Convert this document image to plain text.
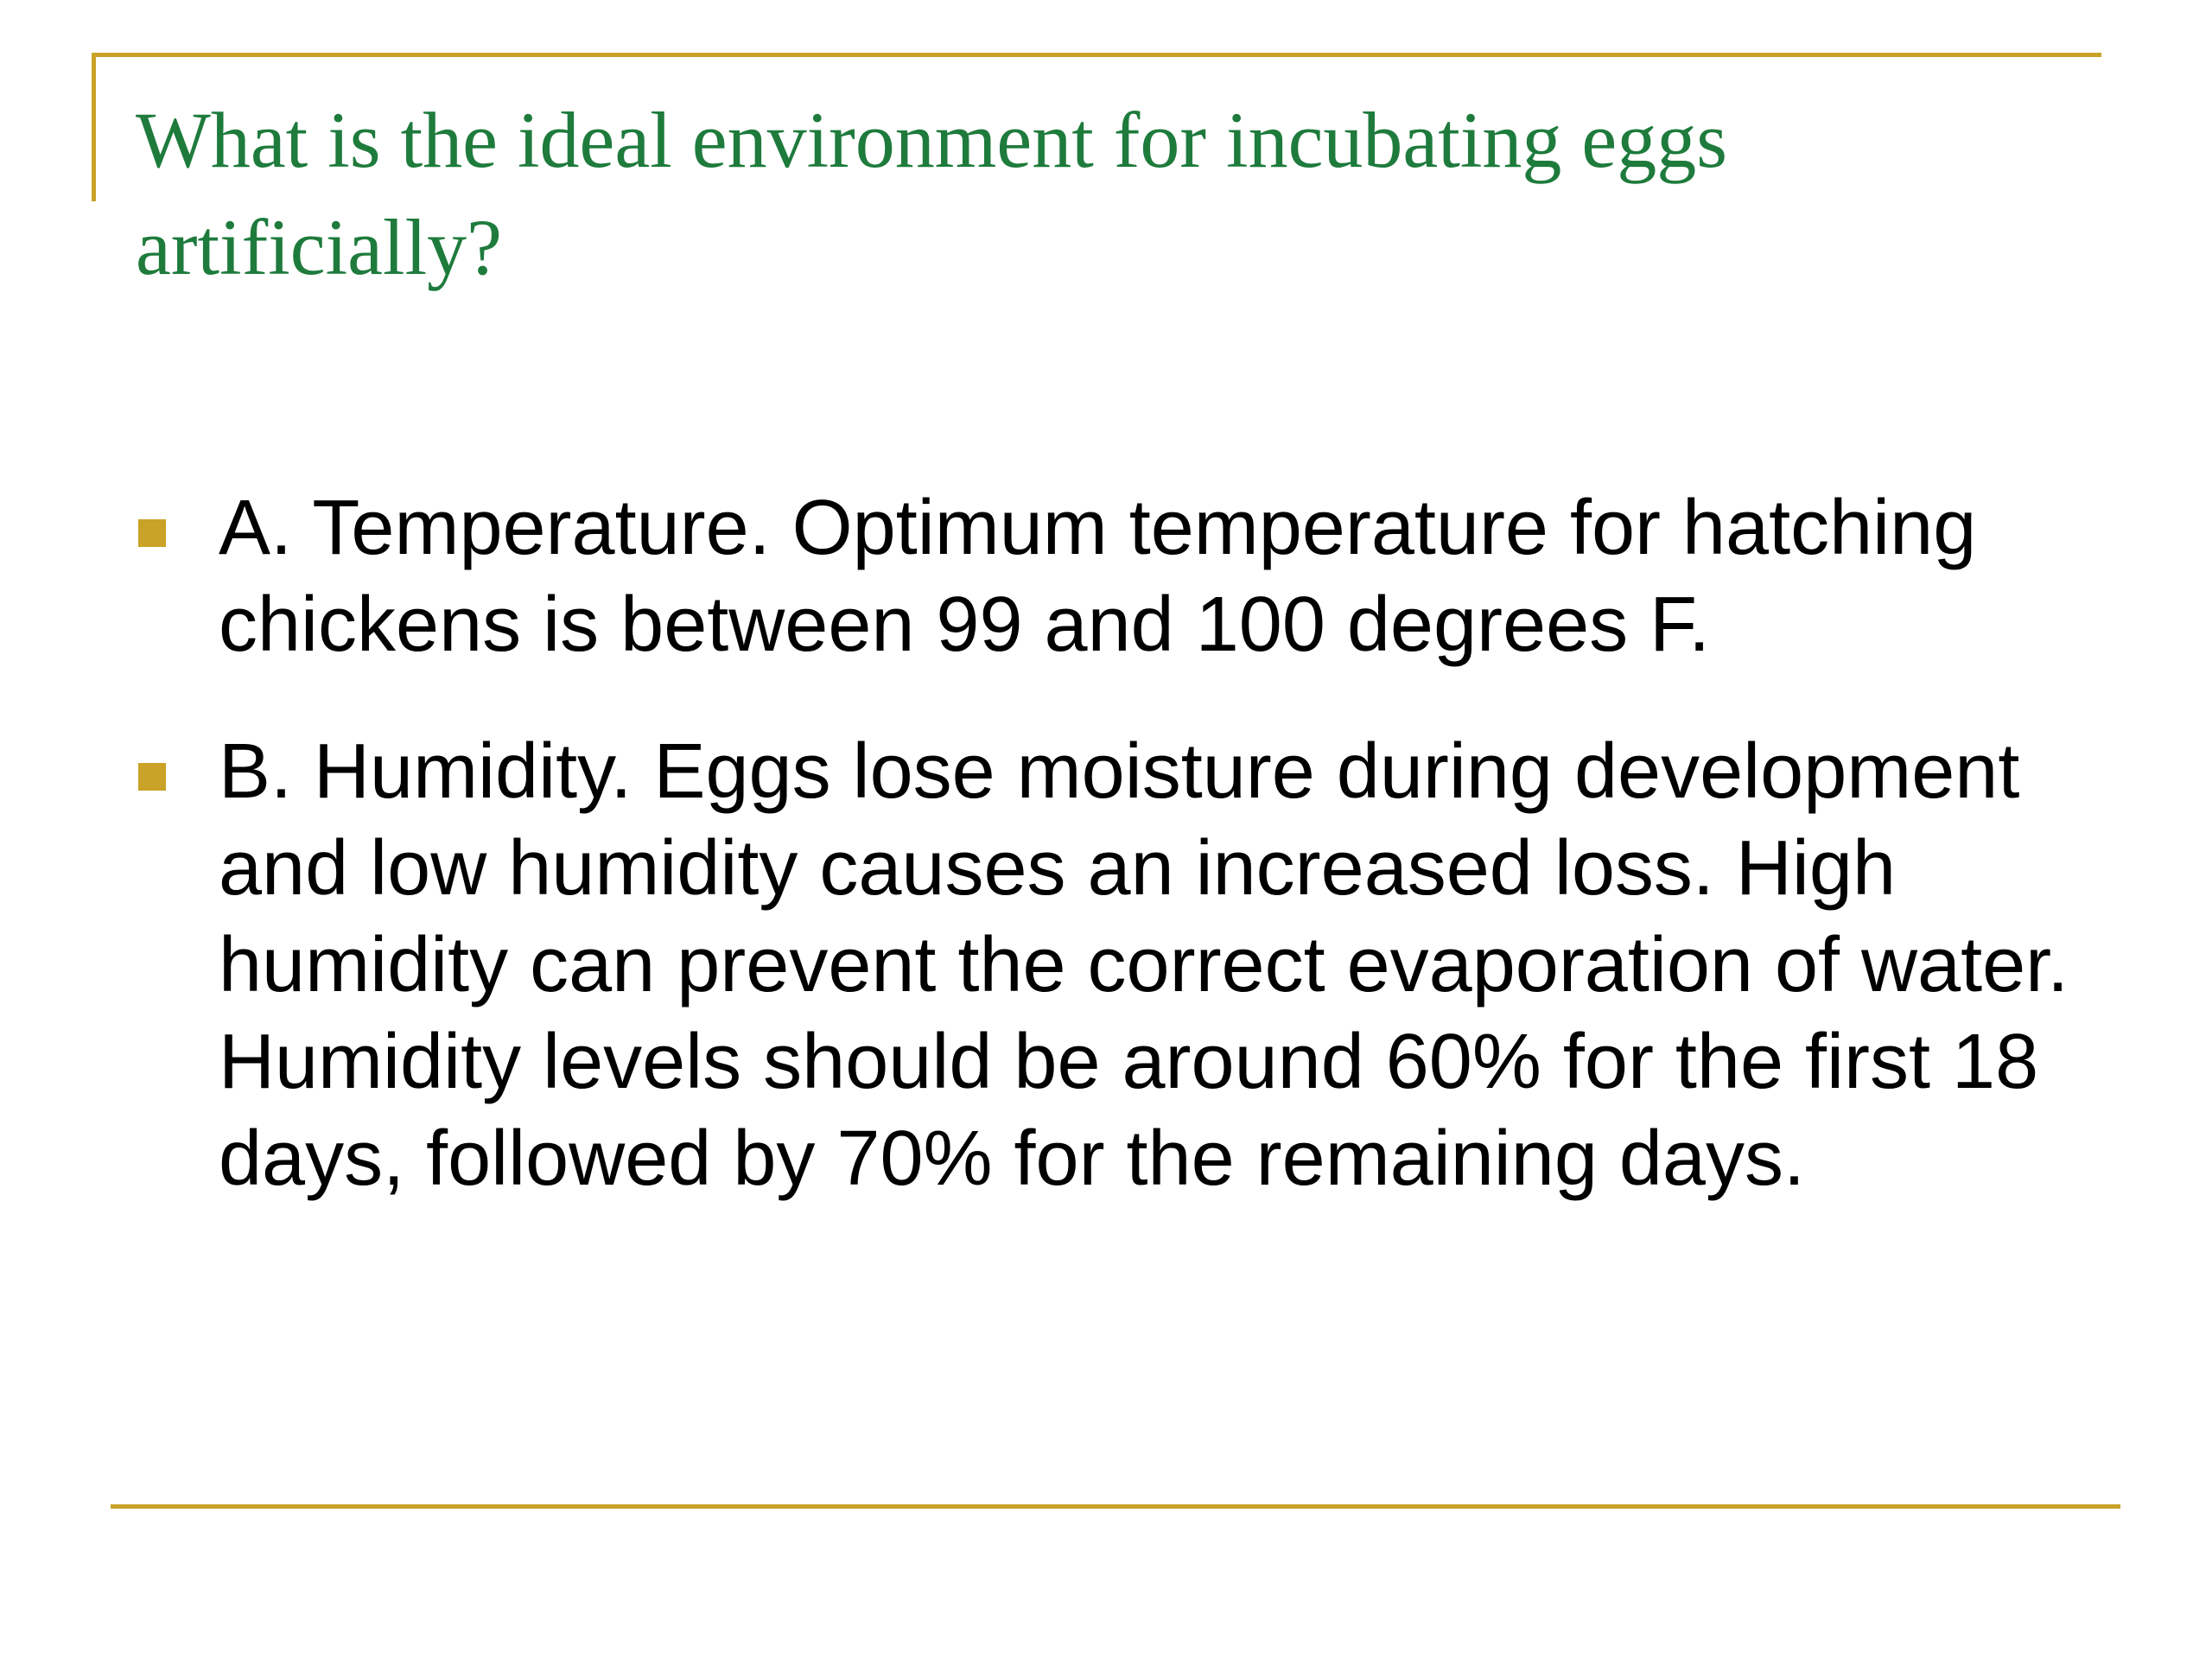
What is the ideal environment for incubating eggs artificially?
A. Temperature. Optimum temperature for hatching chickens is between 99 and 100 degrees F.
B. Humidity. Eggs lose moisture during development and low humidity causes an increased loss. High humidity can prevent the correct evaporation of water. Humidity levels should be around 60% for the first 18 days, followed by 70% for the remaining days.
